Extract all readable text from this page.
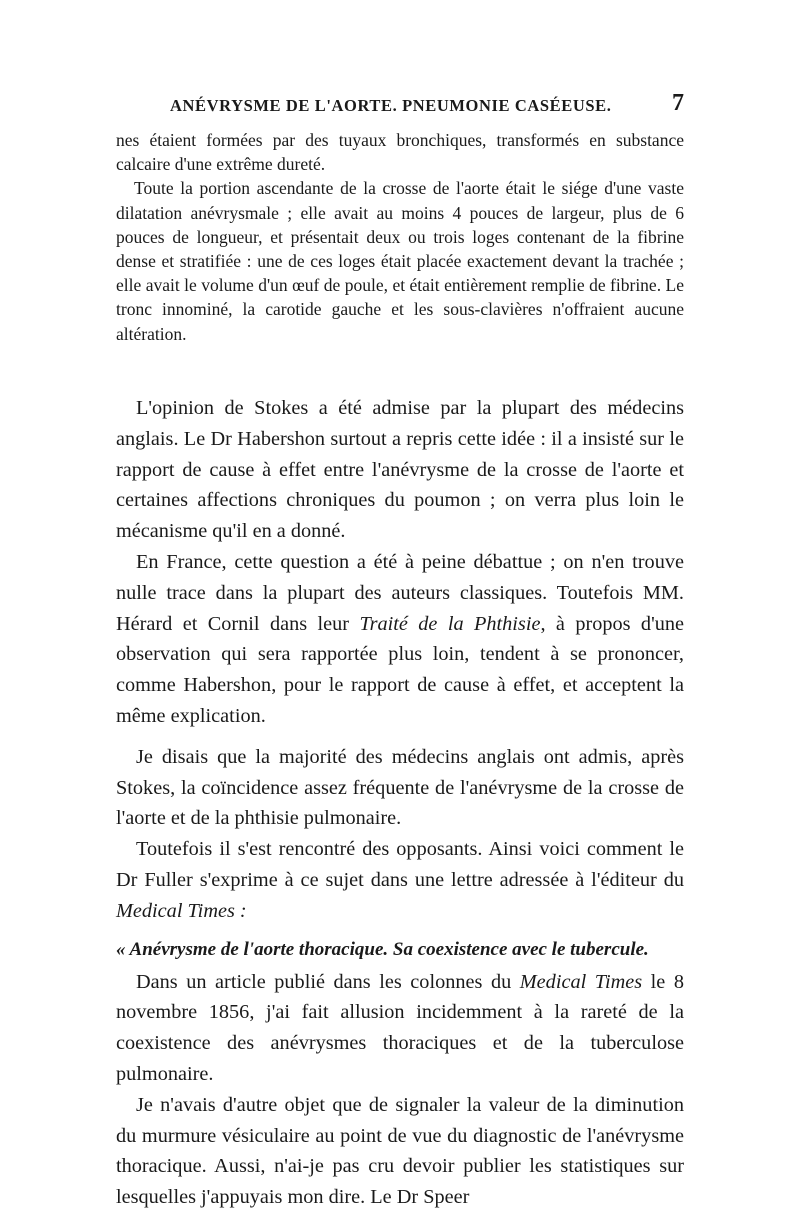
ANÉVRYSME DE L'AORTE. PNEUMONIE CASÉEUSE.	7

nes étaient formées par des tuyaux bronchiques, transformés en substance calcaire d'une extrême dureté.

Toute la portion ascendante de la crosse de l'aorte était le siége d'une vaste dilatation anévrysmale ; elle avait au moins 4 pouces de largeur, plus de 6 pouces de longueur, et présentait deux ou trois loges contenant de la fibrine dense et stratifiée : une de ces loges était placée exactement devant la trachée ; elle avait le volume d'un œuf de poule, et était entièrement remplie de fibrine. Le tronc innominé, la carotide gauche et les sous-clavières n'offraient aucune altération.

L'opinion de Stokes a été admise par la plupart des médecins anglais. Le Dr Habershon surtout a repris cette idée : il a insisté sur le rapport de cause à effet entre l'anévrysme de la crosse de l'aorte et certaines affections chroniques du poumon ; on verra plus loin le mécanisme qu'il en a donné.

En France, cette question a été à peine débattue ; on n'en trouve nulle trace dans la plupart des auteurs classiques. Toutefois MM. Hérard et Cornil dans leur Traité de la Phthisie, à propos d'une observation qui sera rapportée plus loin, tendent à se prononcer, comme Habershon, pour le rapport de cause à effet, et acceptent la même explication.

Je disais que la majorité des médecins anglais ont admis, après Stokes, la coïncidence assez fréquente de l'anévrysme de la crosse de l'aorte et de la phthisie pulmonaire.

Toutefois il s'est rencontré des opposants. Ainsi voici comment le Dr Fuller s'exprime à ce sujet dans une lettre adressée à l'éditeur du Medical Times :

« Anévrysme de l'aorte thoracique. Sa coexistence avec le tubercule.

Dans un article publié dans les colonnes du Medical Times le 8 novembre 1856, j'ai fait allusion incidemment à la rareté de la coexistence des anévrysmes thoraciques et de la tuberculose pulmonaire.

Je n'avais d'autre objet que de signaler la valeur de la diminution du murmure vésiculaire au point de vue du diagnostic de l'anévrysme thoracique. Aussi, n'ai-je pas cru devoir publier les statistiques sur lesquelles j'appuyais mon dire. Le Dr Speer
